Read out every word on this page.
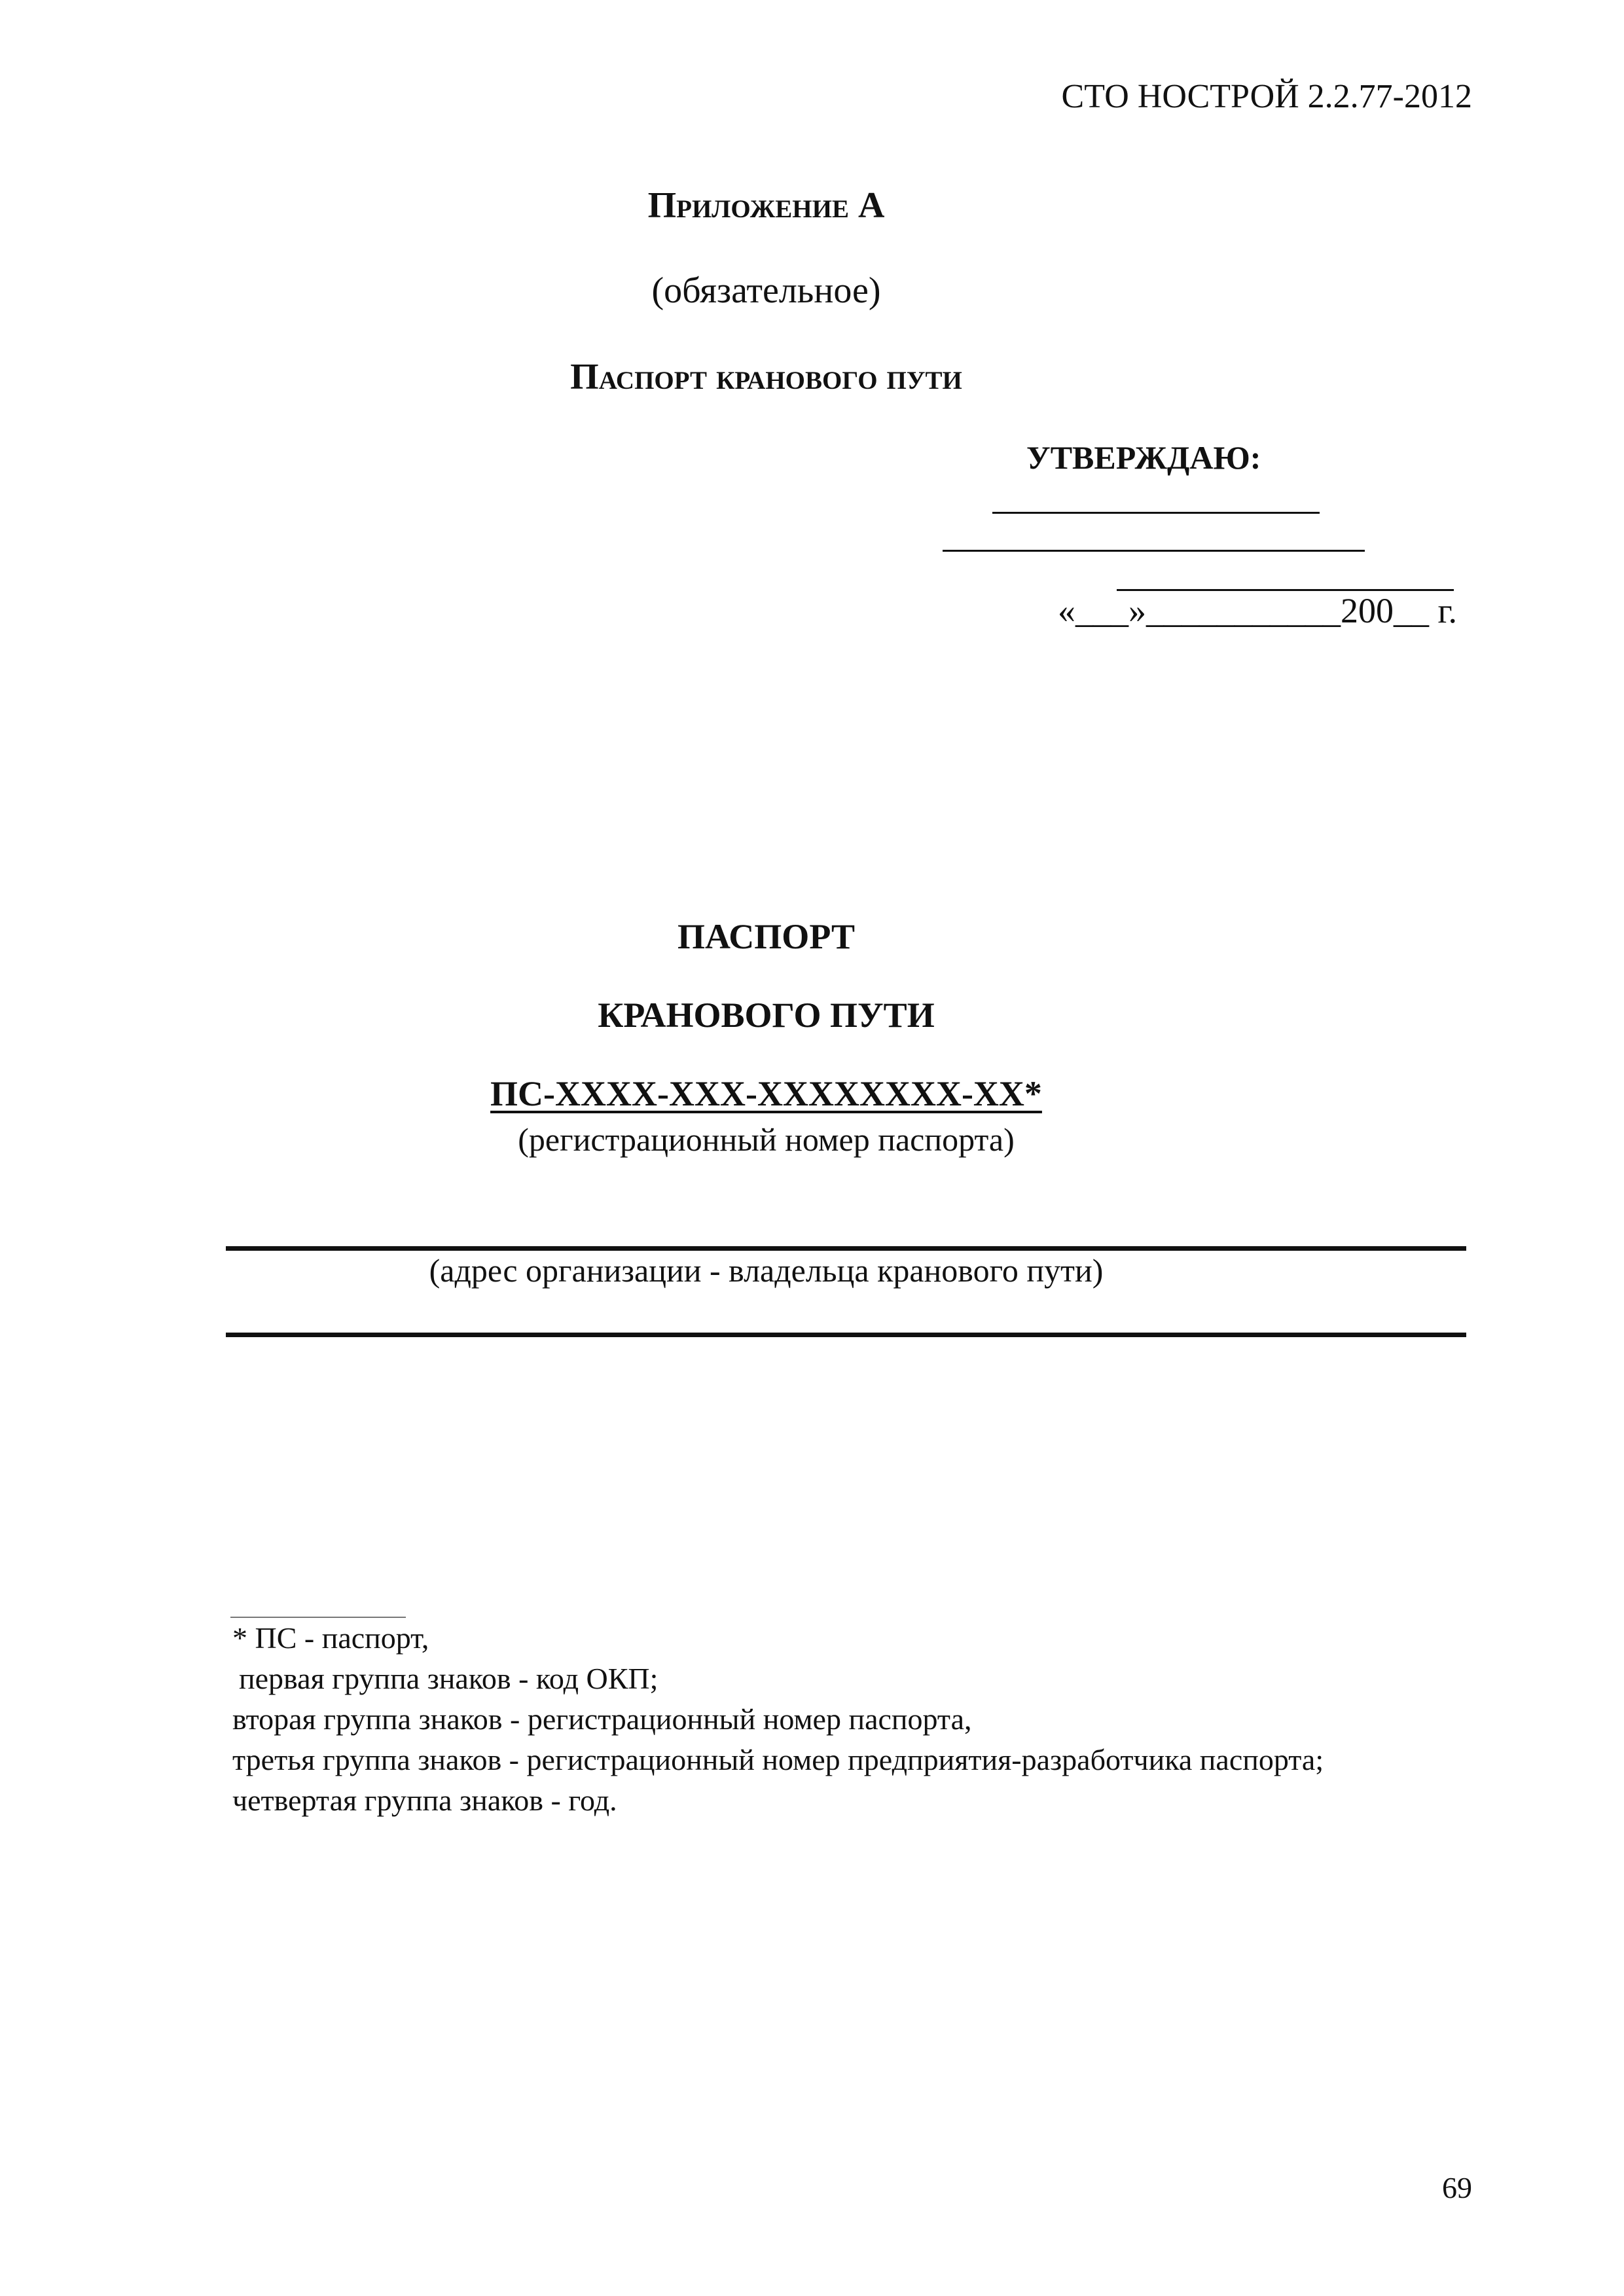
СТО НОСТРОЙ 2.2.77-2012
Приложение А
(обязательное)
Паспорт кранового пути
УТВЕРЖДАЮ:
«___»___________200__ г.
ПАСПОРТ
КРАНОВОГО ПУТИ
ПС-XXXX-XXX-XXXXXXXX-XX*
(регистрационный номер паспорта)
(адрес организации - владельца кранового пути)
* ПС - паспорт,
первая группа знаков - код ОКП;
вторая группа знаков - регистрационный номер паспорта,
третья группа знаков - регистрационный номер предприятия-разработчика паспорта;
четвертая группа знаков - год.
69
